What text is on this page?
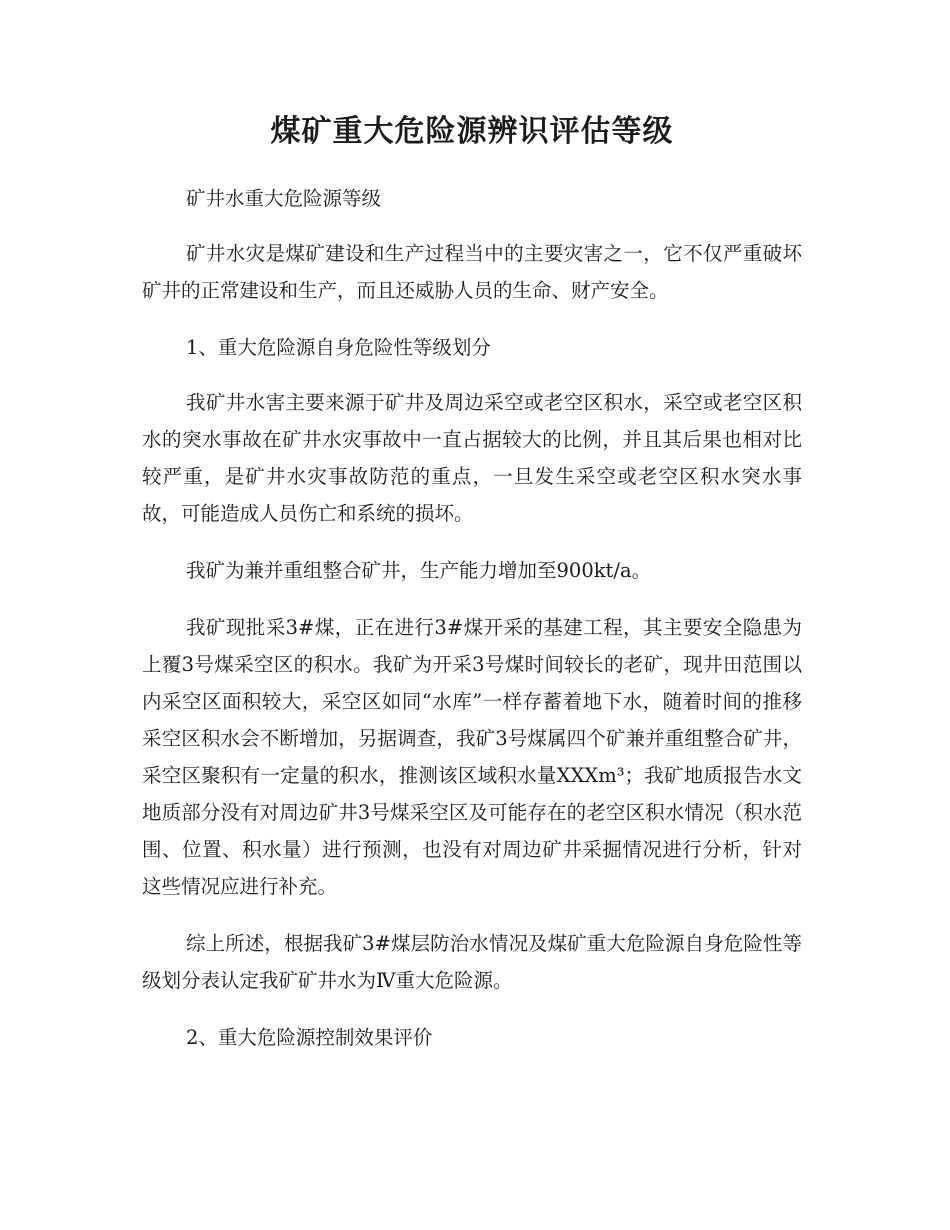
煤矿重大危险源辨识评估等级

矿井水重大危险源等级

矿井水灾是煤矿建设和生产过程当中的主要灾害之一，它不仅严重破坏矿井的正常建设和生产，而且还威胁人员的生命、财产安全。

1、重大危险源自身危险性等级划分

我矿井水害主要来源于矿井及周边采空或老空区积水，采空或老空区积水的突水事故在矿井水灾事故中一直占据较大的比例，并且其后果也相对比较严重，是矿井水灾事故防范的重点，一旦发生采空或老空区积水突水事故，可能造成人员伤亡和系统的损坏。

我矿为兼并重组整合矿井，生产能力增加至900kt/a。

我矿现批采3#煤，正在进行3#煤开采的基建工程，其主要安全隐患为上覆3号煤采空区的积水。我矿为开采3号煤时间较长的老矿，现井田范围以内采空区面积较大，采空区如同“水库”一样存蓄着地下水，随着时间的推移采空区积水会不断增加，另据调查，我矿3号煤属四个矿兼并重组整合矿井，采空区聚积有一定量的积水，推测该区域积水量XXXm³；我矿地质报告水文地质部分没有对周边矿井3号煤采空区及可能存在的老空区积水情况（积水范围、位置、积水量）进行预测，也没有对周边矿井采掘情况进行分析，针对这些情况应进行补充。

综上所述，根据我矿3#煤层防治水情况及煤矿重大危险源自身危险性等级划分表认定我矿矿井水为Ⅳ重大危险源。

2、重大危险源控制效果评价
